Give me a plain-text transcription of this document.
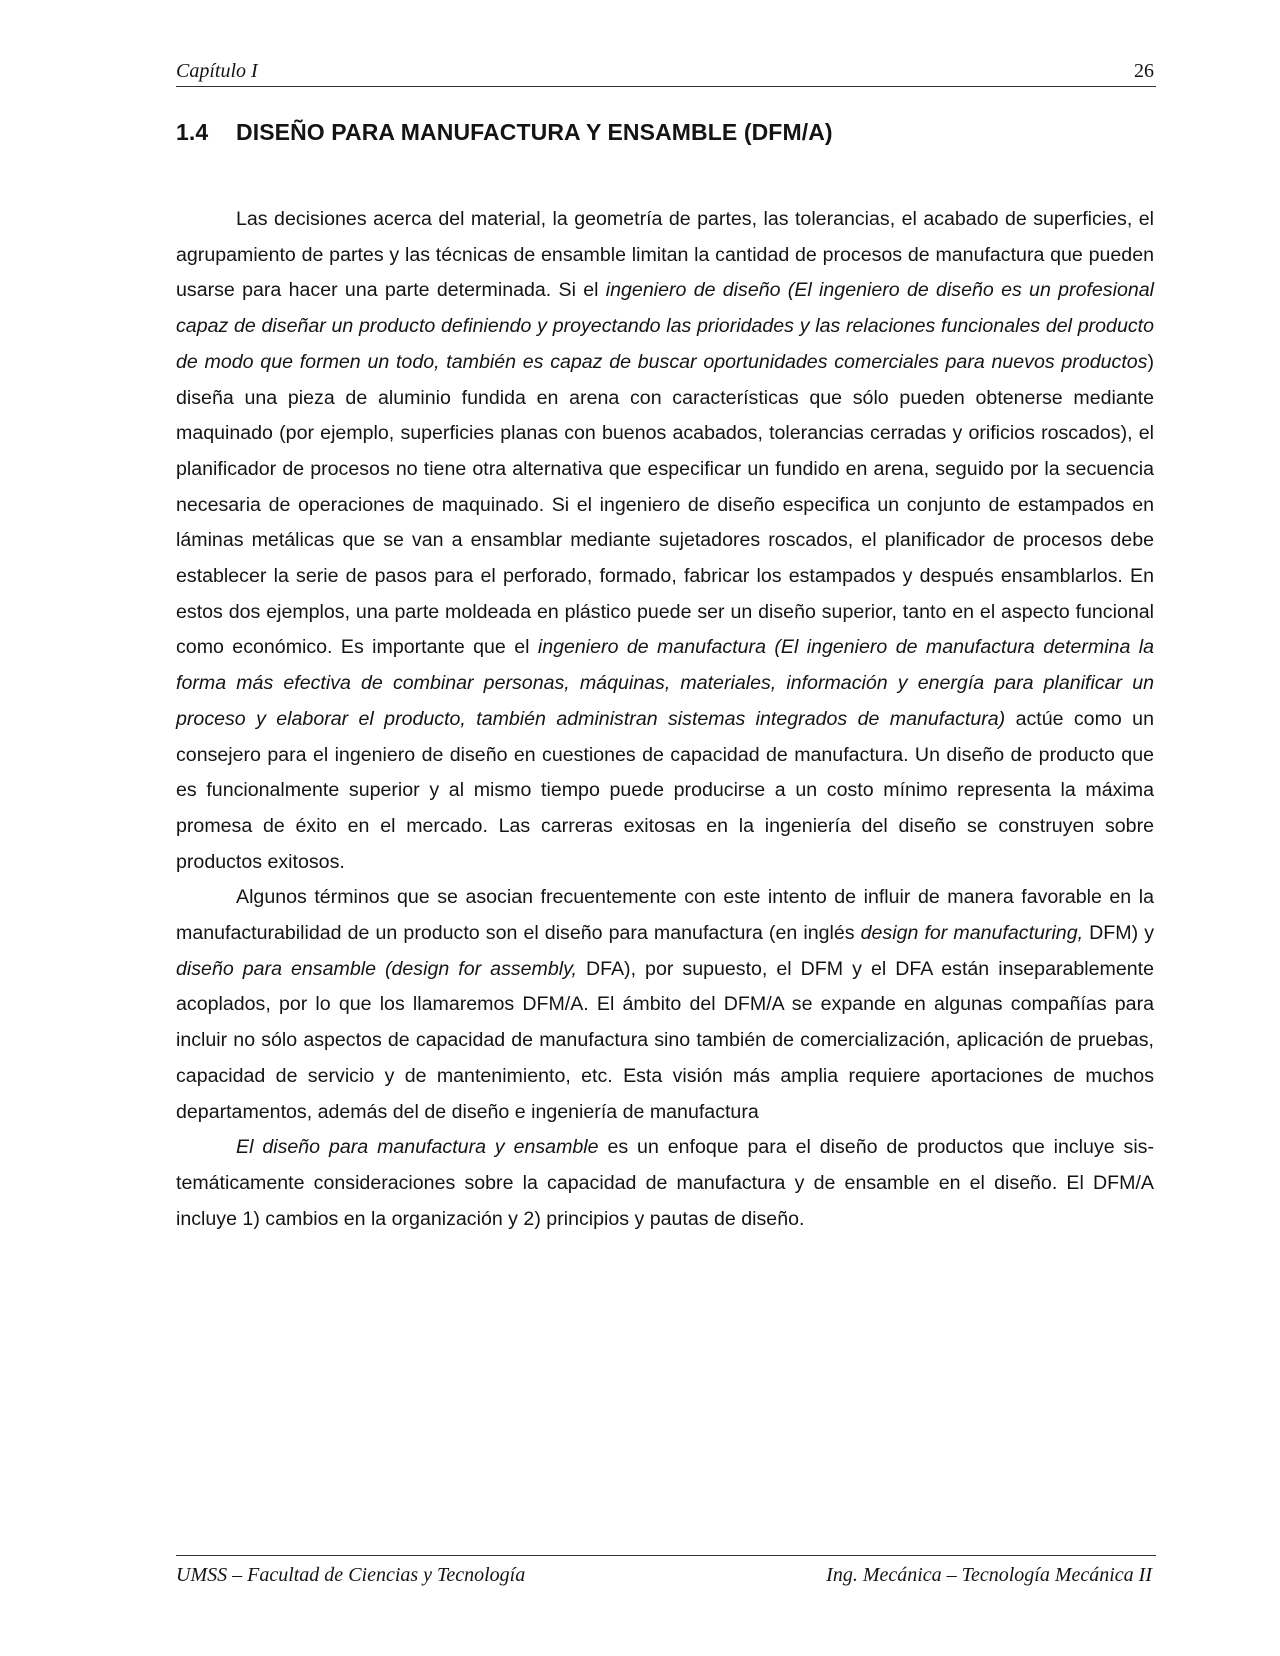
Capítulo I	26
1.4 DISEÑO PARA MANUFACTURA Y ENSAMBLE (DFM/A)

Las decisiones acerca del material, la geometría de partes, las tolerancias, el acabado de superficies, el agrupamiento de partes y las técnicas de ensamble limitan la cantidad de procesos de manufactura que pueden usarse para hacer una parte determinada. Si el ingeniero de diseño (El ingeniero de diseño es un profesional capaz de diseñar un producto definiendo y proyectando las prioridades y las relaciones funcionales del producto de modo que formen un todo, también es capaz de buscar oportunidades comerciales para nuevos productos) diseña una pieza de aluminio fundida en arena con características que sólo pueden obtenerse mediante maquinado (por ejemplo, superficies planas con buenos acabados, tolerancias cerradas y orificios roscados), el planificador de procesos no tiene otra alternativa que especificar un fundido en arena, seguido por la secuencia necesaria de operaciones de maquinado. Si el ingeniero de diseño especifica un conjunto de estampados en láminas metálicas que se van a ensamblar mediante sujetadores roscados, el planificador de procesos debe establecer la serie de pasos para el perforado, formado, fabricar los estampados y después ensamblarlos. En estos dos ejemplos, una parte moldeada en plástico puede ser un diseño superior, tanto en el aspecto funcional como económico. Es importante que el ingeniero de manufactura (El ingeniero de manufactura determina la forma más efectiva de combinar personas, máquinas, materiales, información y energía para planificar un proceso y elaborar el producto, también administran sistemas integrados de manufactura) actúe como un consejero para el ingeniero de diseño en cuestiones de capacidad de manufactura. Un diseño de producto que es funcionalmente superior y al mismo tiempo puede producirse a un costo mínimo representa la máxima promesa de éxito en el mercado. Las carreras exitosas en la ingeniería del diseño se construyen sobre productos exitosos.

Algunos términos que se asocian frecuentemente con este intento de influir de manera favorable en la manufacturabilidad de un producto son el diseño para manufactura (en inglés design for manufacturing, DFM) y diseño para ensamble (design for assembly, DFA), por supuesto, el DFM y el DFA están inseparablemente acoplados, por lo que los llamaremos DFM/A. El ámbito del DFM/A se expande en algunas compañías para incluir no sólo aspectos de capacidad de manufactura sino también de comercialización, aplicación de pruebas, capacidad de servicio y de mantenimiento, etc. Esta visión más amplia requiere aportaciones de muchos departamentos, además del de diseño e ingeniería de manufactura

El diseño para manufactura y ensamble es un enfoque para el diseño de productos que incluye sistemáticamente consideraciones sobre la capacidad de manufactura y de ensamble en el diseño. El DFM/A incluye 1) cambios en la organización y 2) principios y pautas de diseño.

UMSS – Facultad de Ciencias y Tecnología	Ing. Mecánica – Tecnología Mecánica II
